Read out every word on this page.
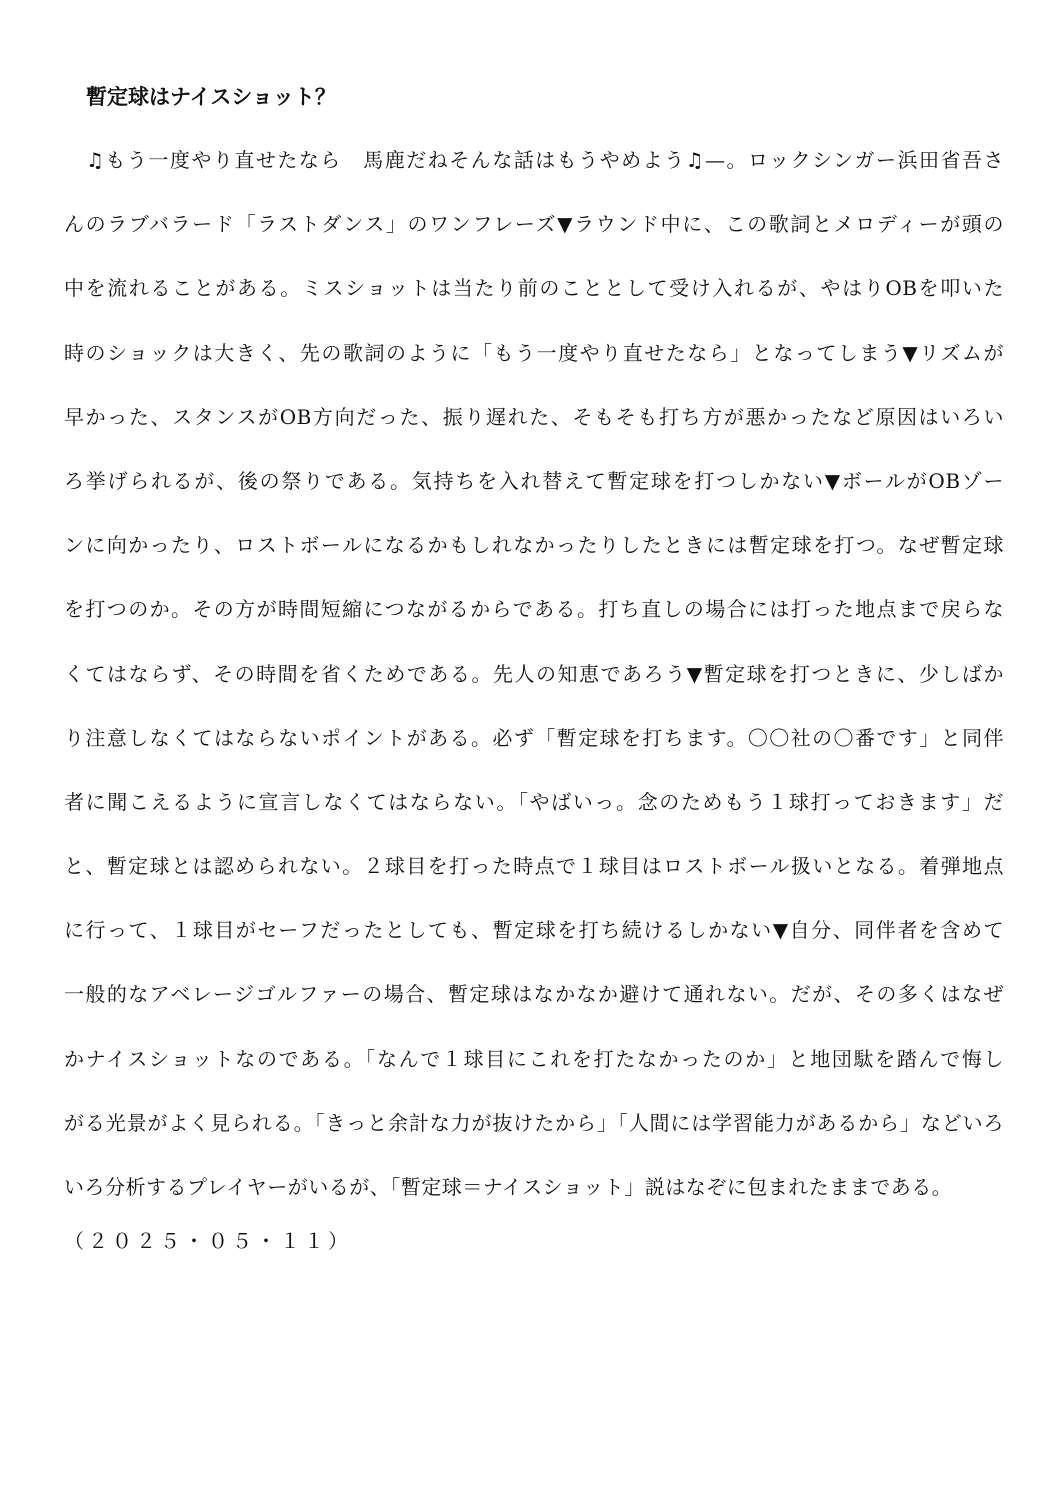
暫定球はナイスショット？
♫もう一度やり直せたなら　馬鹿だねそんな話はもうやめよう♫—。ロックシンガー浜田省吾さ
んのラブバラード「ラストダンス」のワンフレーズ▼ラウンド中に、この歌詞とメロディーが頭の
中を流れることがある。ミスショットは当たり前のこととして受け入れるが、やはりOBを叩いた
時のショックは大きく、先の歌詞のように「もう一度やり直せたなら」となってしまう▼リズムが
早かった、スタンスがOB方向だった、振り遅れた、そもそも打ち方が悪かったなど原因はいろい
ろ挙げられるが、後の祭りである。気持ちを入れ替えて暫定球を打つしかない▼ボールがOBゾー
ンに向かったり、ロストボールになるかもしれなかったりしたときには暫定球を打つ。なぜ暫定球
を打つのか。その方が時間短縮につながるからである。打ち直しの場合には打った地点まで戻らな
くてはならず、その時間を省くためである。先人の知恵であろう▼暫定球を打つときに、少しばか
り注意しなくてはならないポイントがある。必ず「暫定球を打ちます。〇〇社の〇番です」と同伴
者に聞こえるように宣言しなくてはならない。「やばいっ。念のためもう１球打っておきます」だ
と、暫定球とは認められない。２球目を打った時点で１球目はロストボール扱いとなる。着弾地点
に行って、１球目がセーフだったとしても、暫定球を打ち続けるしかない▼自分、同伴者を含めて
一般的なアベレージゴルファーの場合、暫定球はなかなか避けて通れない。だが、その多くはなぜ
かナイスショットなのである。「なんで１球目にこれを打たなかったのか」と地団駄を踏んで悔し
がる光景がよく見られる。「きっと余計な力が抜けたから」「人間には学習能力があるから」などいろ
いろ分析するプレイヤーがいるが、「暫定球＝ナイスショット」説はなぞに包まれたままである。
（２０２５・０５・１１）
